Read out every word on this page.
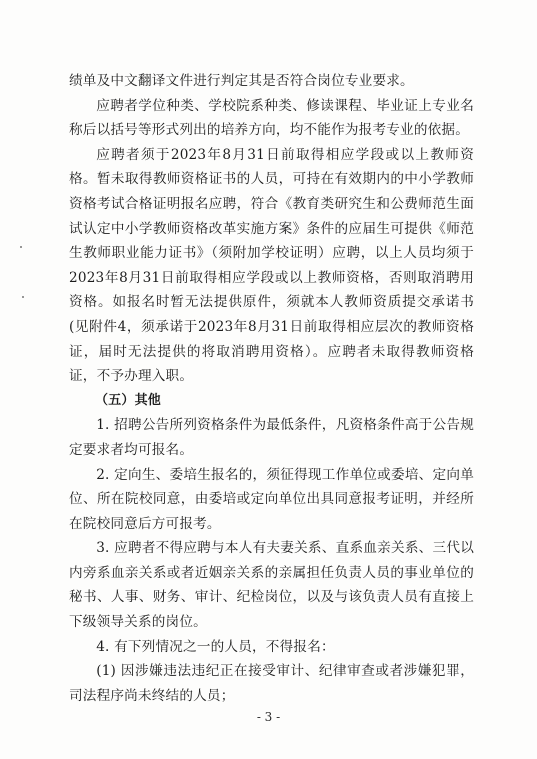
绩单及中文翻译文件进行判定其是否符合岗位专业要求。

应聘者学位种类、学校院系种类、修读课程、毕业证上专业名称后以括号等形式列出的培养方向，均不能作为报考专业的依据。

应聘者须于2023年8月31日前取得相应学段或以上教师资格。暂未取得教师资格证书的人员，可持在有效期内的中小学教师资格考试合格证明报名应聘，符合《教育类研究生和公费师范生面试认定中小学教师资格改革实施方案》条件的应届生可提供《师范生教师职业能力证书》（须附加学校证明）应聘，以上人员均须于2023年8月31日前取得相应学段或以上教师资格，否则取消聘用资格。如报名时暂无法提供原件，须就本人教师资质提交承诺书(见附件4，须承诺于2023年8月31日前取得相应层次的教师资格证，届时无法提供的将取消聘用资格）。应聘者未取得教师资格证，不予办理入职。

（五）其他

1. 招聘公告所列资格条件为最低条件，凡资格条件高于公告规定要求者均可报名。

2. 定向生、委培生报名的，须征得现工作单位或委培、定向单位、所在院校同意，由委培或定向单位出具同意报考证明，并经所在院校同意后方可报考。

3. 应聘者不得应聘与本人有夫妻关系、直系血亲关系、三代以内旁系血亲关系或者近姻亲关系的亲属担任负责人员的事业单位的秘书、人事、财务、审计、纪检岗位，以及与该负责人员有直接上下级领导关系的岗位。

4. 有下列情况之一的人员，不得报名：

(1) 因涉嫌违法违纪正在接受审计、纪律审查或者涉嫌犯罪，司法程序尚未终结的人员；

- 3 -
